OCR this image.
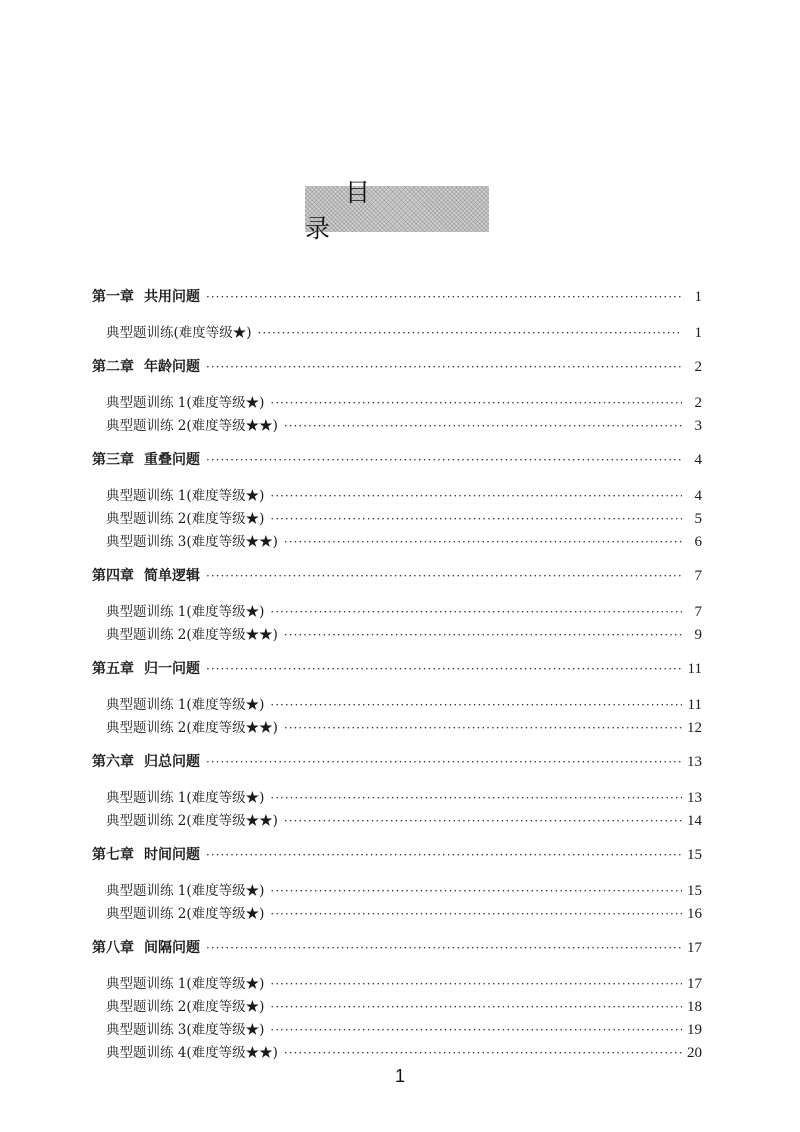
目 录
第一章 共用问题 ·····	1
典型题训练(难度等级★) ·····	1
第二章 年龄问题 ·····	2
典型题训练 1(难度等级★) ·····	2
典型题训练 2(难度等级★★) ·····	3
第三章 重叠问题 ·····	4
典型题训练 1(难度等级★) ·····	4
典型题训练 2(难度等级★) ·····	5
典型题训练 3(难度等级★★) ·····	6
第四章 简单逻辑 ·····	7
典型题训练 1(难度等级★) ·····	7
典型题训练 2(难度等级★★) ·····	9
第五章 归一问题 ·····	11
典型题训练 1(难度等级★) ·····	11
典型题训练 2(难度等级★★) ·····	12
第六章 归总问题 ·····	13
典型题训练 1(难度等级★) ·····	13
典型题训练 2(难度等级★★) ·····	14
第七章 时间问题 ·····	15
典型题训练 1(难度等级★) ·····	15
典型题训练 2(难度等级★) ·····	16
第八章 间隔问题 ·····	17
典型题训练 1(难度等级★) ·····	17
典型题训练 2(难度等级★) ·····	18
典型题训练 3(难度等级★) ·····	19
典型题训练 4(难度等级★★) ·····	20
1
